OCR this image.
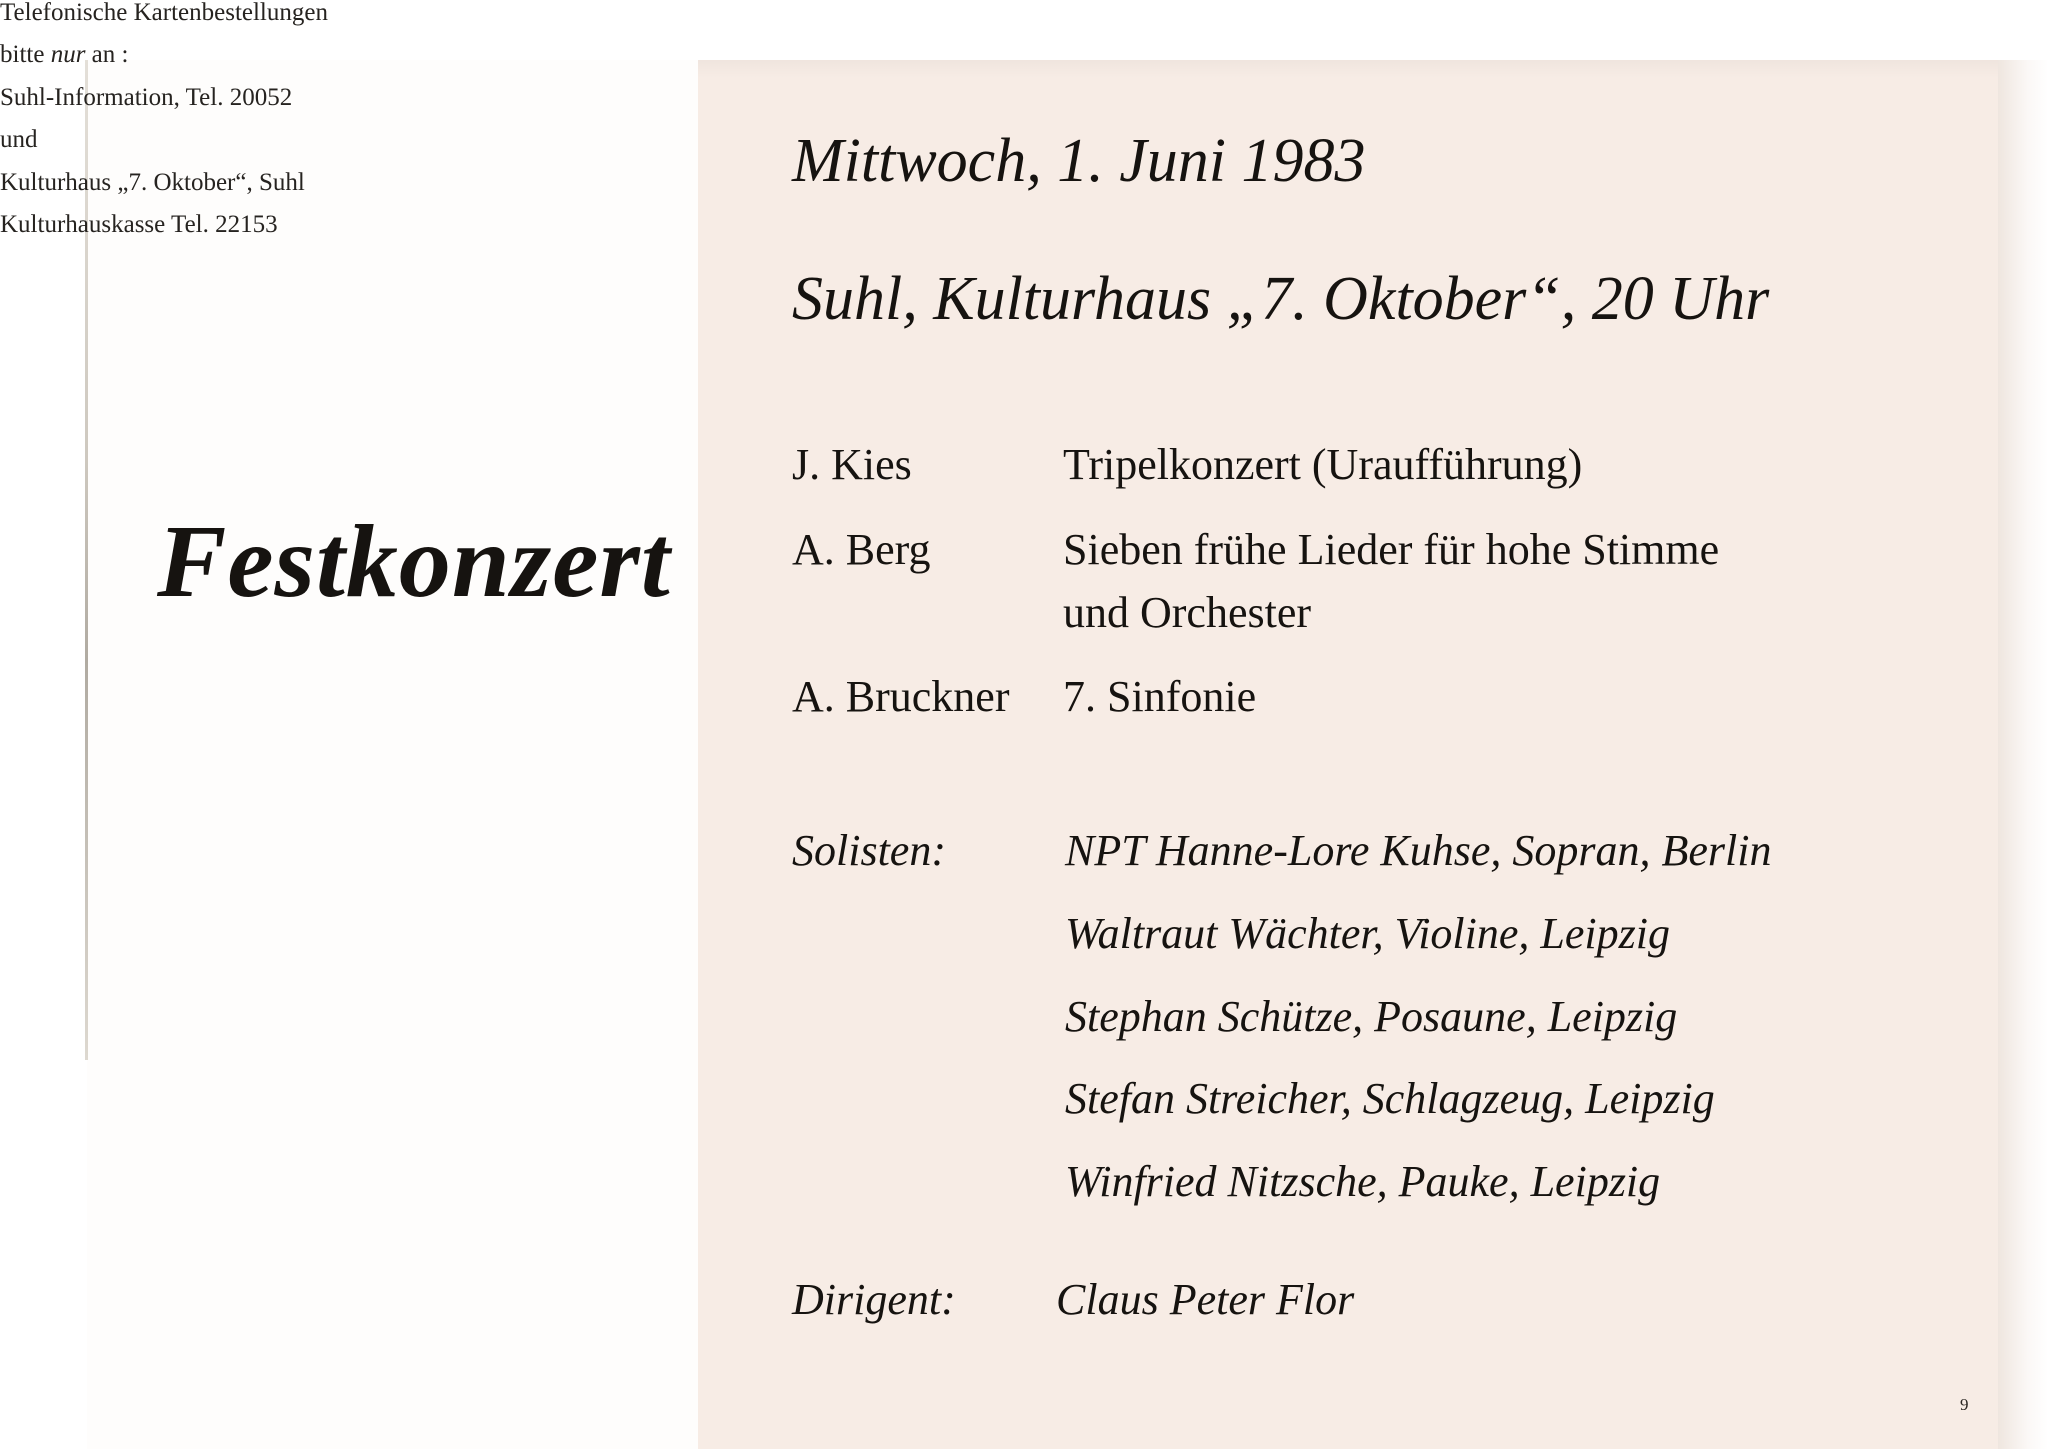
Festkonzert

Telefonische Kartenbestellungen

bitte nur an :

Suhl-Information, Tel. 20052

und

Kulturhaus „7. Oktober“, Suhl

Kulturhauskasse Tel. 22153

Mittwoch, 1. Juni 1983

Suhl, Kulturhaus „7. Oktober“, 20 Uhr

J. Kies	Tripelkonzert (Uraufführung)

A. Berg	Sieben frühe Lieder für hohe Stimme

und Orchester

A. Bruckner 7. Sinfonie

Solisten:	NPT Hanne-Lore Kuhse, Sopran, Berlin

Waltraut Wächter, Violine, Leipzig

Stephan Schütze, Posaune, Leipzig

Stefan Streicher, Schlagzeug, Leipzig

Winfried Nitzsche, Pauke, Leipzig

Dirigent: Claus Peter Flor

9
